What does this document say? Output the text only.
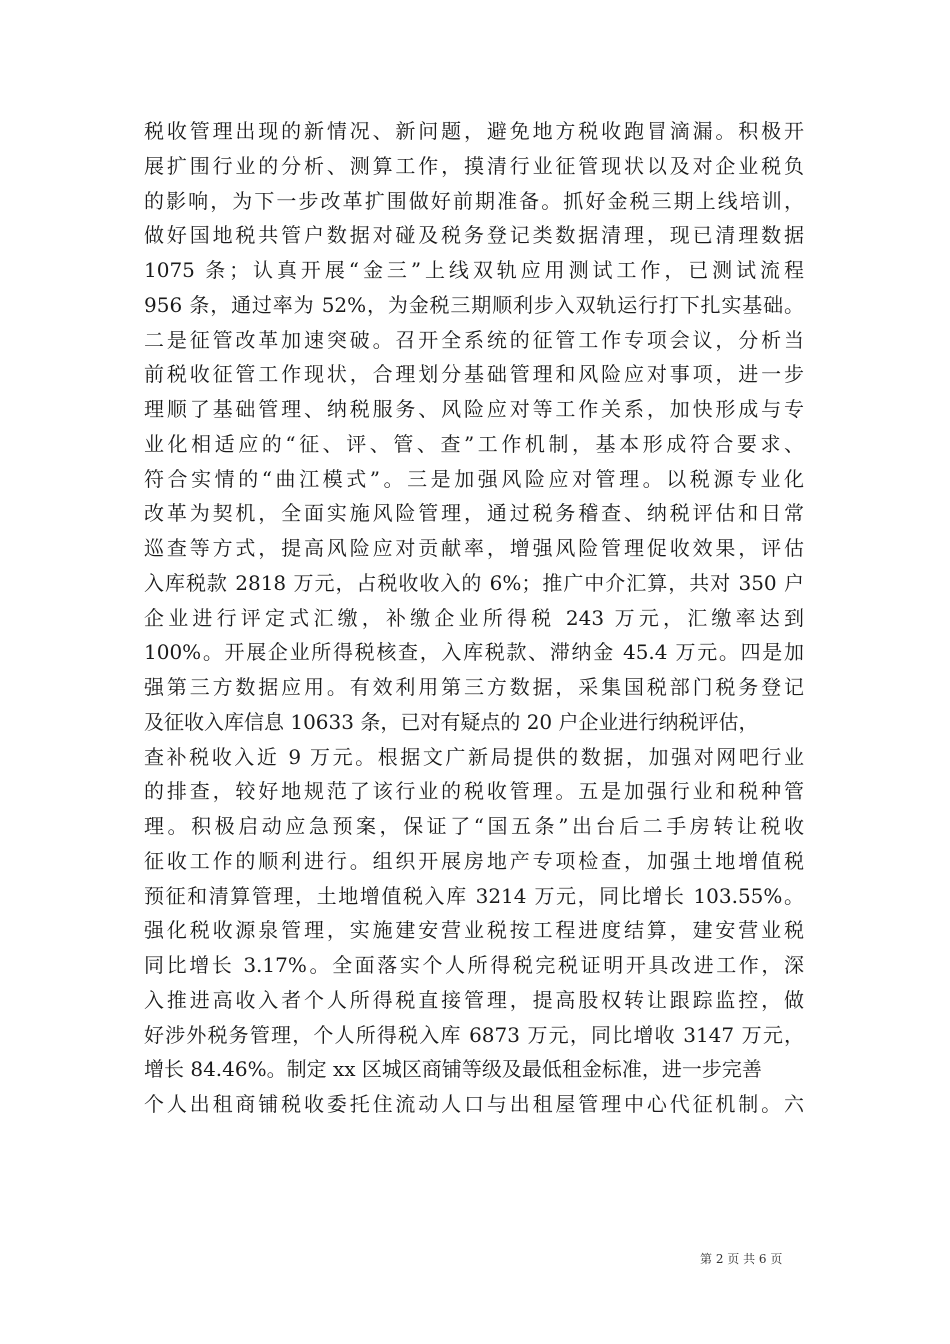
税收管理出现的新情况、新问题，避免地方税收跑冒滴漏。积极开
展扩围行业的分析、测算工作，摸清行业征管现状以及对企业税负
的影响，为下一步改革扩围做好前期准备。抓好金税三期上线培训，
做好国地税共管户数据对碰及税务登记类数据清理，现已清理数据
1075 条；认真开展“金三”上线双轨应用测试工作，已测试流程
956 条，通过率为 52%，为金税三期顺利步入双轨运行打下扎实基础。
二是征管改革加速突破。召开全系统的征管工作专项会议，分析当
前税收征管工作现状，合理划分基础管理和风险应对事项，进一步
理顺了基础管理、纳税服务、风险应对等工作关系，加快形成与专
业化相适应的“征、评、管、查”工作机制，基本形成符合要求、
符合实情的“曲江模式”。三是加强风险应对管理。以税源专业化
改革为契机，全面实施风险管理，通过税务稽查、纳税评估和日常
巡查等方式，提高风险应对贡献率，增强风险管理促收效果，评估
入库税款 2818 万元，占税收收入的 6%；推广中介汇算，共对 350 户
企业进行评定式汇缴，补缴企业所得税 243 万元，汇缴率达到
100%。开展企业所得税核查，入库税款、滞纳金 45.4 万元。四是加
强第三方数据应用。有效利用第三方数据，采集国税部门税务登记
及征收入库信息 10633 条，已对有疑点的 20 户企业进行纳税评估，
查补税收入近 9 万元。根据文广新局提供的数据，加强对网吧行业
的排查，较好地规范了该行业的税收管理。五是加强行业和税种管
理。积极启动应急预案，保证了“国五条”出台后二手房转让税收
征收工作的顺利进行。组织开展房地产专项检查，加强土地增值税
预征和清算管理，土地增值税入库 3214 万元，同比增长 103.55%。
强化税收源泉管理，实施建安营业税按工程进度结算，建安营业税
同比增长 3.17%。全面落实个人所得税完税证明开具改进工作，深
入推进高收入者个人所得税直接管理，提高股权转让跟踪监控，做
好涉外税务管理，个人所得税入库 6873 万元，同比增收 3147 万元，
增长 84.46%。制定 xx 区城区商铺等级及最低租金标准，进一步完善
个人出租商铺税收委托住流动人口与出租屋管理中心代征机制。六
第 2 页 共 6 页
